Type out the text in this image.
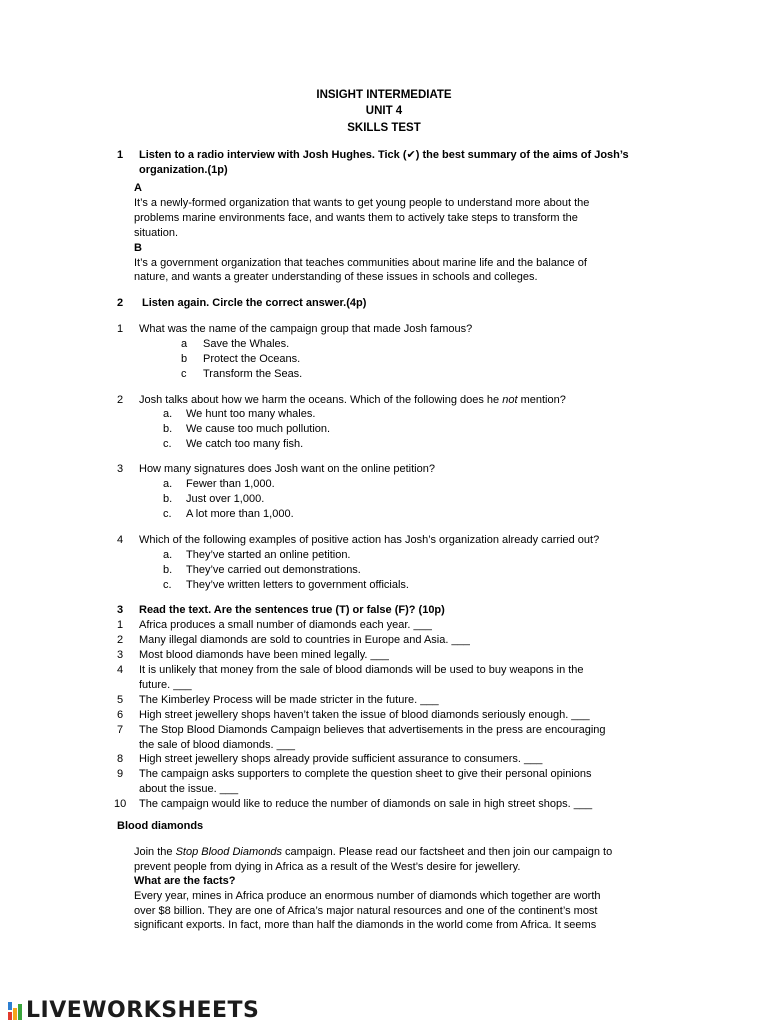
INSIGHT INTERMEDIATE
UNIT 4
SKILLS TEST
1 Listen to a radio interview with Josh Hughes. Tick (✔) the best summary of the aims of Josh’s
organization.(1p)
A
It’s a newly-formed organization that wants to get young people to understand more about the
problems marine environments face, and wants them to actively take steps to transform the
situation.
B
It’s a government organization that teaches communities about marine life and the balance of
nature, and wants a greater understanding of these issues in schools and colleges.
2 Listen again. Circle the correct answer.(4p)
1 What was the name of the campaign group that made Josh famous?
a Save the Whales.
b Protect the Oceans.
c Transform the Seas.
2 Josh talks about how we harm the oceans. Which of the following does he not mention?
a. We hunt too many whales.
b. We cause too much pollution.
c. We catch too many fish.
3 How many signatures does Josh want on the online petition?
a. Fewer than 1,000.
b. Just over 1,000.
c. A lot more than 1,000.
4 Which of the following examples of positive action has Josh’s organization already carried out?
a. They’ve started an online petition.
b. They’ve carried out demonstrations.
c. They’ve written letters to government officials.
3 Read the text. Are the sentences true (T) or false (F)? (10p)
1 Africa produces a small number of diamonds each year. ___
2 Many illegal diamonds are sold to countries in Europe and Asia. ___
3 Most blood diamonds have been mined legally. ___
4 It is unlikely that money from the sale of blood diamonds will be used to buy weapons in the
future. ___
5 The Kimberley Process will be made stricter in the future. ___
6 High street jewellery shops haven’t taken the issue of blood diamonds seriously enough. ___
7 The Stop Blood Diamonds Campaign believes that advertisements in the press are encouraging
the sale of blood diamonds. ___
8 High street jewellery shops already provide sufficient assurance to consumers. ___
9 The campaign asks supporters to complete the question sheet to give their personal opinions
about the issue. ___
10 The campaign would like to reduce the number of diamonds on sale in high street shops. ___
Blood diamonds
Join the Stop Blood Diamonds campaign. Please read our factsheet and then join our campaign to
prevent people from dying in Africa as a result of the West’s desire for jewellery.
What are the facts?
Every year, mines in Africa produce an enormous number of diamonds which together are worth
over $8 billion. They are one of Africa’s major natural resources and one of the continent’s most
significant exports. In fact, more than half the diamonds in the world come from Africa. It seems
LIVEWORKSHEETS
